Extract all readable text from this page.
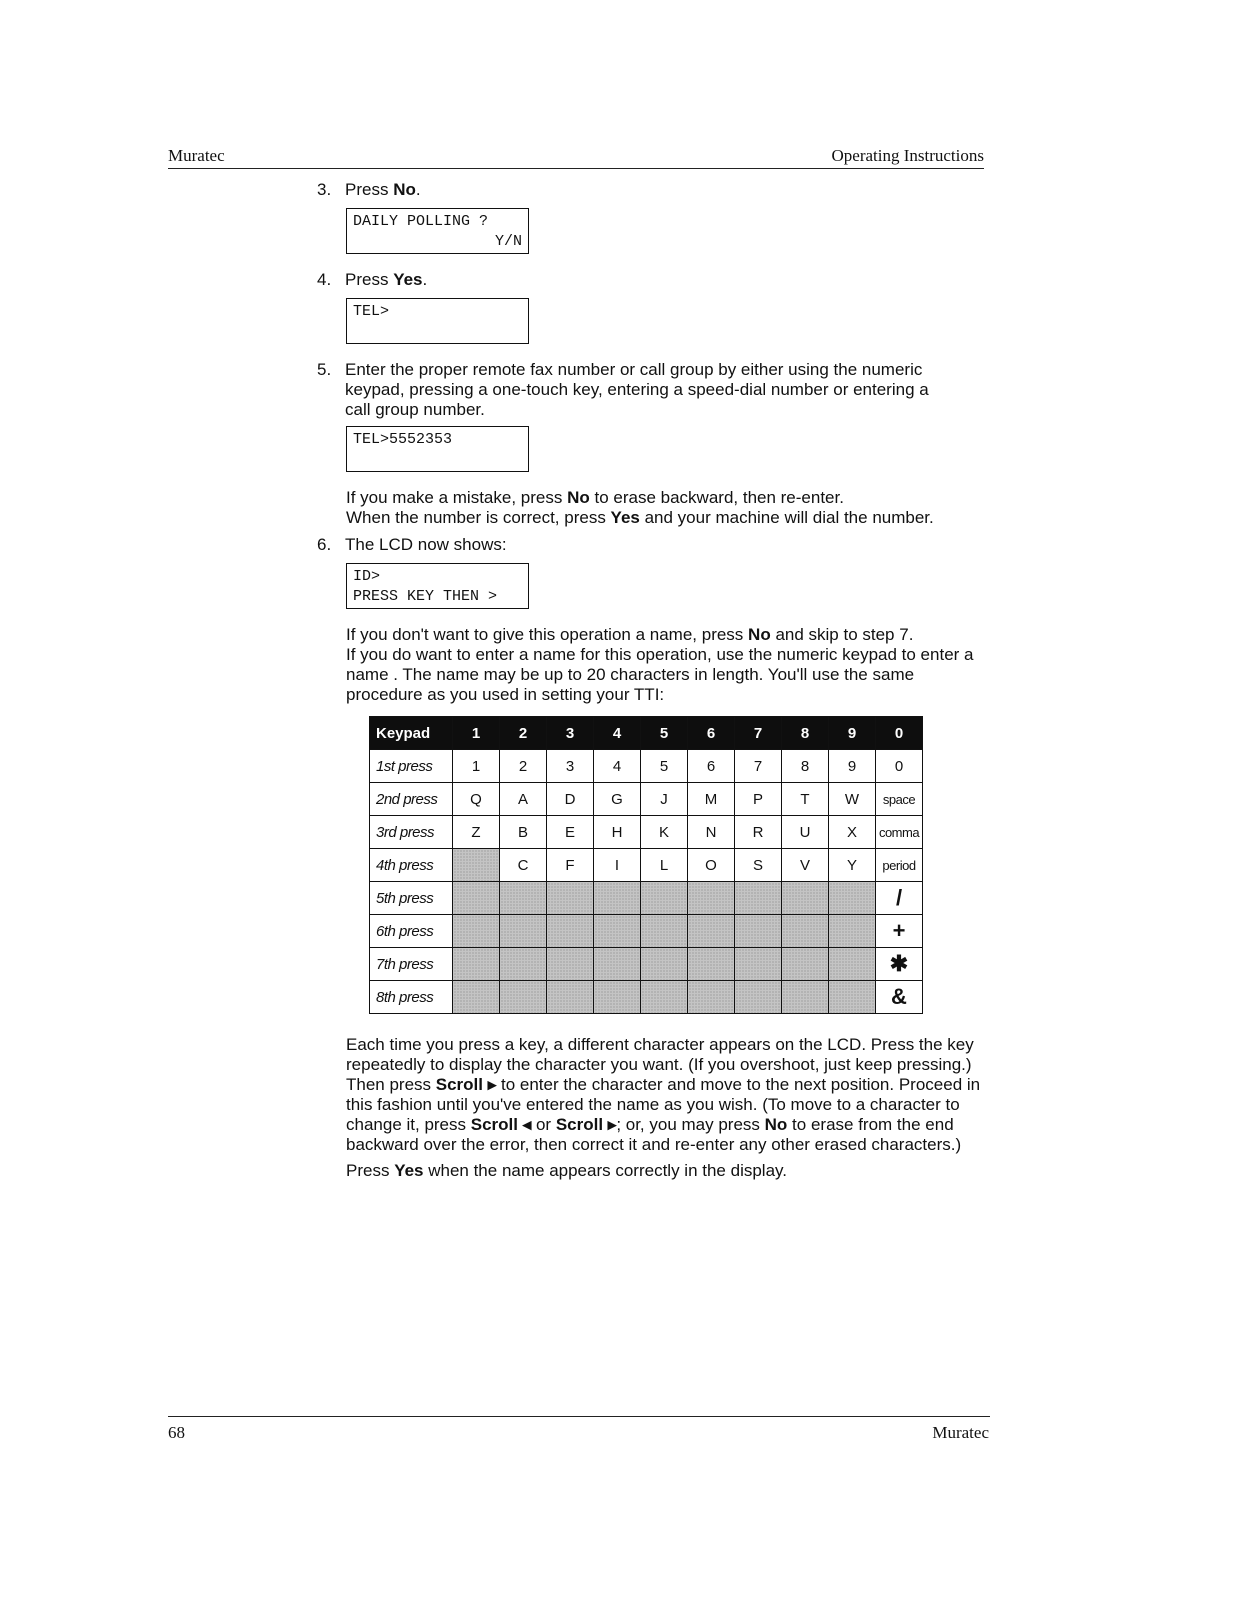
Muratec	Operating Instructions
3. Press No.
DAILY POLLING ?
Y/N
4. Press Yes.
TEL>
5. Enter the proper remote fax number or call group by either using the numeric keypad, pressing a one-touch key, entering a speed-dial number or entering a call group number.
TEL>5552353
If you make a mistake, press No to erase backward, then re-enter.
When the number is correct, press Yes and your machine will dial the number.
6. The LCD now shows:
ID>
PRESS KEY THEN >
If you don't want to give this operation a name, press No and skip to step 7.
If you do want to enter a name for this operation, use the numeric keypad to enter a name . The name may be up to 20 characters in length. You'll use the same procedure as you used in setting your TTI:
Keypad	1	2	3	4	5	6	7	8	9	0
1st press	1	2	3	4	5	6	7	8	9	0
2nd press	Q	A	D	G	J	M	P	T	W	space
3rd press	Z	B	E	H	K	N	R	U	X	comma
4th press		C	F	I	L	O	S	V	Y	period
5th press										/
6th press										+
7th press										✱
8th press										&
Each time you press a key, a different character appears on the LCD. Press the key repeatedly to display the character you want. (If you overshoot, just keep pressing.) Then press Scroll ▸ to enter the character and move to the next position. Proceed in this fashion until you've entered the name as you wish. (To move to a character to change it, press Scroll ◂ or Scroll ▸; or, you may press No to erase from the end backward over the error, then correct it and re-enter any other erased characters.)
Press Yes when the name appears correctly in the display.
68	Muratec
